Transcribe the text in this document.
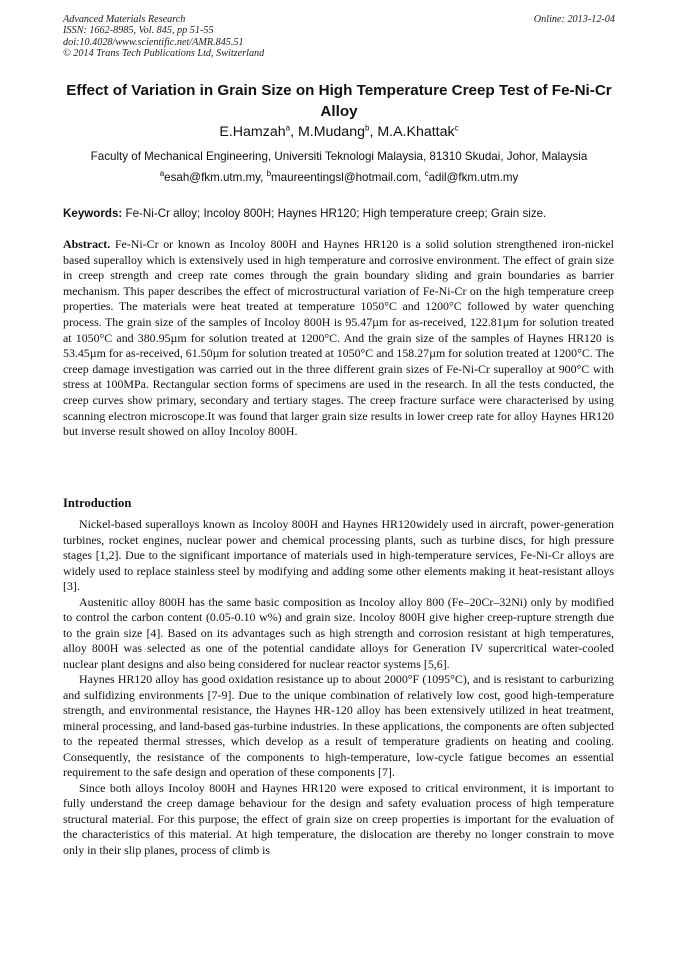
Advanced Materials Research
ISSN: 1662-8985, Vol. 845, pp 51-55
doi:10.4028/www.scientific.net/AMR.845.51
© 2014 Trans Tech Publications Ltd, Switzerland
Online: 2013-12-04
Effect of Variation in Grain Size on High Temperature Creep Test of Fe-Ni-Cr Alloy
E.Hamzah$^a$, M.Mudang$^b$, M.A.Khattak$^c$
Faculty of Mechanical Engineering, Universiti Teknologi Malaysia, 81310 Skudai, Johor, Malaysia
$^a$esah@fkm.utm.my, $^b$maureentingsl@hotmail.com, $^c$adil@fkm.utm.my
Keywords: Fe-Ni-Cr alloy; Incoloy 800H; Haynes HR120; High temperature creep; Grain size.

Abstract. Fe-Ni-Cr or known as Incoloy 800H and Haynes HR120 is a solid solution strengthened iron-nickel based superalloy which is extensively used in high temperature and corrosive environment. The effect of grain size in creep strength and creep rate comes through the grain boundary sliding and grain boundaries as barrier mechanism. This paper describes the effect of microstructural variation of Fe-Ni-Cr on the high temperature creep properties. The materials were heat treated at temperature 1050°C and 1200°C followed by water quenching process. The grain size of the samples of Incoloy 800H is 95.47µm for as-received, 122.81µm for solution treated at 1050°C and 380.95µm for solution treated at 1200°C. And the grain size of the samples of Haynes HR120 is 53.45µm for as-received, 61.50µm for solution treated at 1050°C and 158.27µm for solution treated at 1200°C. The creep damage investigation was carried out in the three different grain sizes of Fe-Ni-Cr superalloy at 900°C with stress at 100MPa. Rectangular section forms of specimens are used in the research. In all the tests conducted, the creep curves show primary, secondary and tertiary stages. The creep fracture surface were characterised by using scanning electron microscope.It was found that larger grain size results in lower creep rate for alloy Haynes HR120 but inverse result showed on alloy Incoloy 800H.

Introduction

Nickel-based superalloys known as Incoloy 800H and Haynes HR120widely used in aircraft, power-generation turbines, rocket engines, nuclear power and chemical processing plants, such as turbine discs, for high pressure stages [1,2]. Due to the significant importance of materials used in high-temperature services, Fe-Ni-Cr alloys are widely used to replace stainless steel by modifying and adding some other elements making it heat-resistant alloys [3].

Austenitic alloy 800H has the same basic composition as Incoloy alloy 800 (Fe–20Cr–32Ni) only by modified to control the carbon content (0.05-0.10 w%) and grain size. Incoloy 800H give higher creep-rupture strength due to the grain size [4]. Based on its advantages such as high strength and corrosion resistant at high temperatures, alloy 800H was selected as one of the potential candidate alloys for Generation IV supercritical water-cooled nuclear plant designs and also being considered for nuclear reactor systems [5,6].

Haynes HR120 alloy has good oxidation resistance up to about 2000°F (1095°C), and is resistant to carburizing and sulfidizing environments [7-9]. Due to the unique combination of relatively low cost, good high-temperature strength, and environmental resistance, the Haynes HR-120 alloy has been extensively utilized in heat treatment, mineral processing, and land-based gas-turbine industries. In these applications, the components are often subjected to the repeated thermal stresses, which develop as a result of temperature gradients on heating and cooling. Consequently, the resistance of the components to high-temperature, low-cycle fatigue becomes an essential requirement to the safe design and operation of these components [7].

Since both alloys Incoloy 800H and Haynes HR120 were exposed to critical environment, it is important to fully understand the creep damage behaviour for the design and safety evaluation process of high temperature structural material. For this purpose, the effect of grain size on creep properties is important for the evaluation of the characteristics of this material. At high temperature, the dislocation are thereby no longer constrain to move only in their slip planes, process of climb is
